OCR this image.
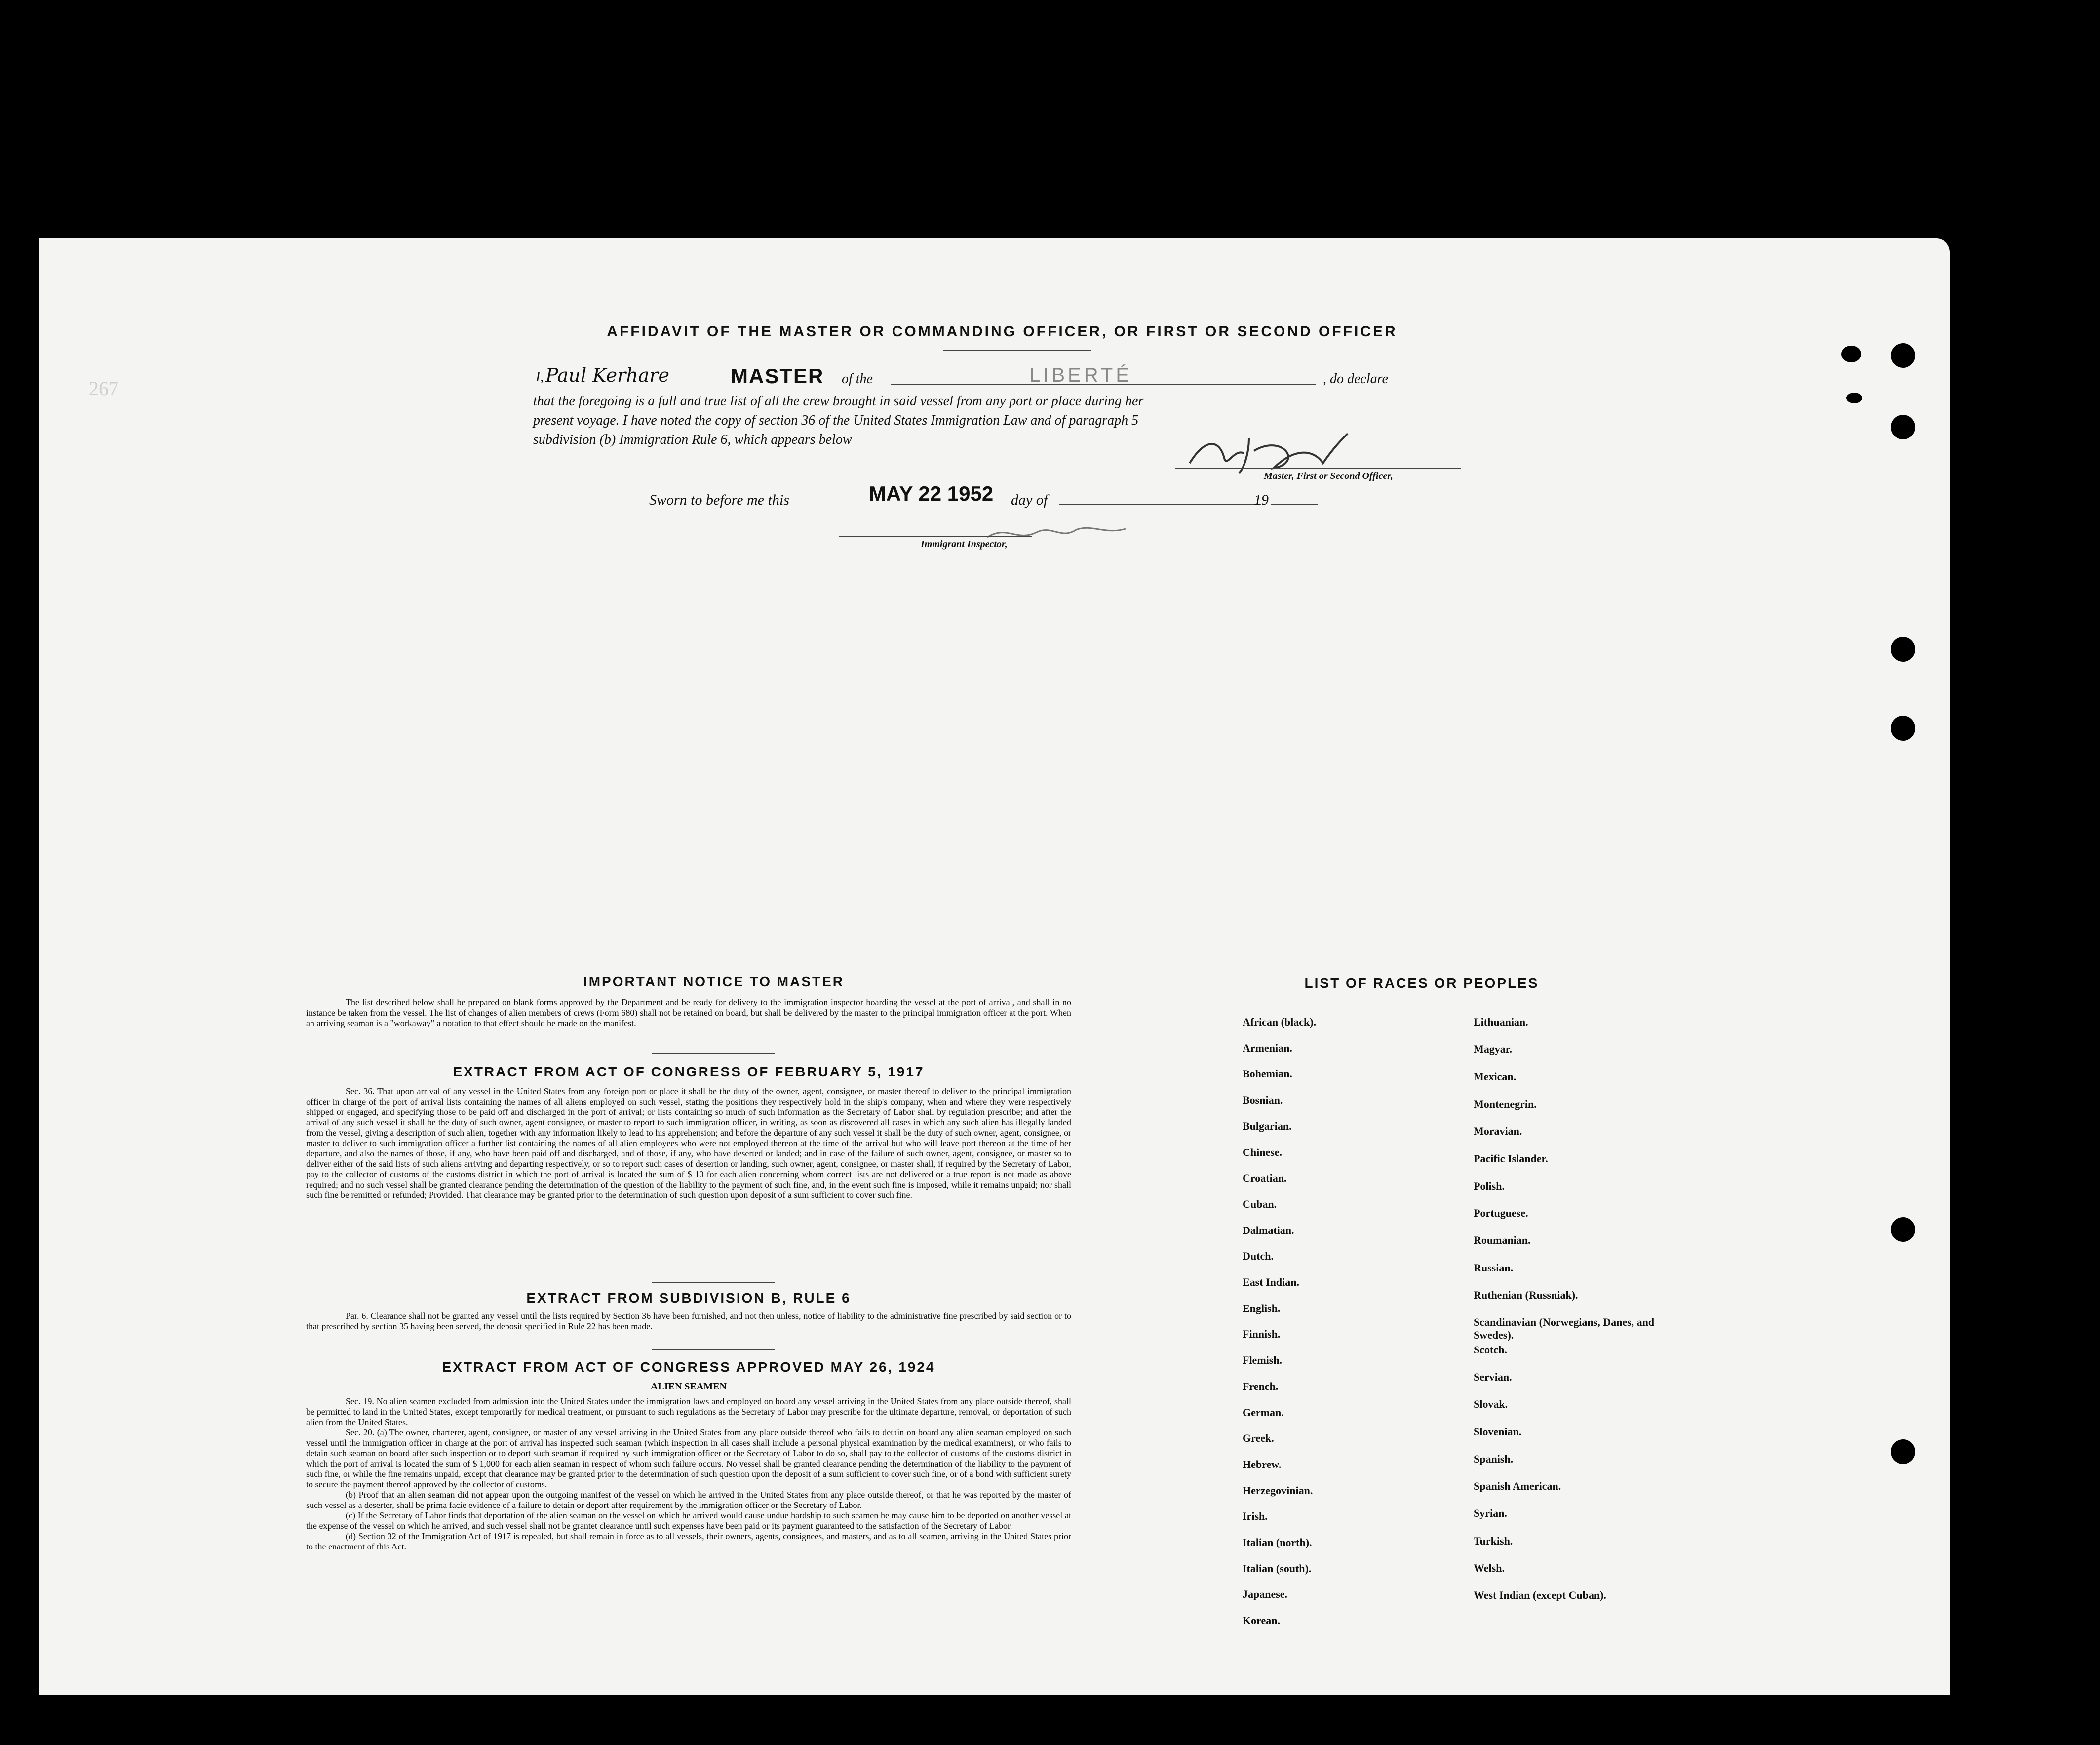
267
AFFIDAVIT OF THE MASTER OR COMMANDING OFFICER, OR FIRST OR SECOND OFFICER
I, Paul Kerhare	MASTER of the	LIBERTÉ	, do declare
that the foregoing is a full and true list of all the crew brought in said vessel from any port or place during her
present voyage. I have noted the copy of section 36 of the United States Immigration Law and of paragraph 5
subdivision (b) Immigration Rule 6, which appears below
Master, First or Second Officer,
Sworn to before me this	MAY 22 1952 day of	19
Immigrant Inspector,
IMPORTANT NOTICE TO MASTER
The list described below shall be prepared on blank forms approved by the Department and be ready for delivery to the immigration inspector boarding the vessel at the port of arrival, and shall in no instance be taken from the vessel. The list of changes of alien members of crews (Form 680) shall not be retained on board, but shall be delivered by the master to the principal immigration officer at the port. When an arriving seaman is a "workaway" a notation to that effect should be made on the manifest.
EXTRACT FROM ACT OF CONGRESS OF FEBRUARY 5, 1917
Sec. 36. That upon arrival of any vessel in the United States from any foreign port or place it shall be the duty of the owner, agent, consignee, or master thereof to deliver to the principal immigration officer in charge of the port of arrival lists containing the names of all aliens employed on such vessel, stating the positions they respectively hold in the ship's company, when and where they were respectively shipped or engaged, and specifying those to be paid off and discharged in the port of arrival; or lists containing so much of such information as the Secretary of Labor shall by regulation prescribe; and after the arrival of any such vessel it shall be the duty of such owner, agent consignee, or master to report to such immigration officer, in writing, as soon as discovered all cases in which any such alien has illegally landed from the vessel, giving a description of such alien, together with any information likely to lead to his apprehension; and before the departure of any such vessel it shall be the duty of such owner, agent, consignee, or master to deliver to such immigration officer a further list containing the names of all alien employees who were not employed thereon at the time of the arrival but who will leave port thereon at the time of her departure, and also the names of those, if any, who have been paid off and discharged, and of those, if any, who have deserted or landed; and in case of the failure of such owner, agent, consignee, or master so to deliver either of the said lists of such aliens arriving and departing respectively, or so to report such cases of desertion or landing, such owner, agent, consignee, or master shall, if required by the Secretary of Labor, pay to the collector of customs of the customs district in which the port of arrival is located the sum of $ 10 for each alien concerning whom correct lists are not delivered or a true report is not made as above required; and no such vessel shall be granted clearance pending the determination of the question of the liability to the payment of such fine, and, in the event such fine is imposed, while it remains unpaid; nor shall such fine be remitted or refunded; Provided. That clearance may be granted prior to the determination of such question upon deposit of a sum sufficient to cover such fine.
EXTRACT FROM SUBDIVISION B, RULE 6
Par. 6. Clearance shall not be granted any vessel until the lists required by Section 36 have been furnished, and not then unless, notice of liability to the administrative fine prescribed by said section or to that prescribed by section 35 having been served, the deposit specified in Rule 22 has been made.
EXTRACT FROM ACT OF CONGRESS APPROVED MAY 26, 1924
ALIEN SEAMEN
Sec. 19. No alien seamen excluded from admission into the United States under the immigration laws and employed on board any vessel arriving in the United States from any place outside thereof, shall be permitted to land in the United States, except temporarily for medical treatment, or pursuant to such regulations as the Secretary of Labor may prescribe for the ultimate departure, removal, or deportation of such alien from the United States.
Sec. 20. (a) The owner, charterer, agent, consignee, or master of any vessel arriving in the United States from any place outside thereof who fails to detain on board any alien seaman employed on such vessel until the immigration officer in charge at the port of arrival has inspected such seaman (which inspection in all cases shall include a personal physical examination by the medical examiners), or who fails to detain such seaman on board after such inspection or to deport such seaman if required by such immigration officer or the Secretary of Labor to do so, shall pay to the collector of customs of the customs district in which the port of arrival is located the sum of $ 1,000 for each alien seaman in respect of whom such failure occurs. No vessel shall be granted clearance pending the determination of the liability to the payment of such fine, or while the fine remains unpaid, except that clearance may be granted prior to the determination of such question upon the deposit of a sum sufficient to cover such fine, or of a bond with sufficient surety to secure the payment thereof approved by the collector of customs.
(b) Proof that an alien seaman did not appear upon the outgoing manifest of the vessel on which he arrived in the United States from any place outside thereof, or that he was reported by the master of such vessel as a deserter, shall be prima facie evidence of a failure to detain or deport after requirement by the immigration officer or the Secretary of Labor.
(c) If the Secretary of Labor finds that deportation of the alien seaman on the vessel on which he arrived would cause undue hardship to such seamen he may cause him to be deported on another vessel at the expense of the vessel on which he arrived, and such vessel shall not be grantet clearance until such expenses have been paid or its payment guaranteed to the satisfaction of the Secretary of Labor.
(d) Section 32 of the Immigration Act of 1917 is repealed, but shall remain in force as to all vessels, their owners, agents, consignees, and masters, and as to all seamen, arriving in the United States prior to the enactment of this Act.
LIST OF RACES OR PEOPLES
African (black).
Armenian.
Bohemian.
Bosnian.
Bulgarian.
Chinese.
Croatian.
Cuban.
Dalmatian.
Dutch.
East Indian.
English.
Finnish.
Flemish.
French.
German.
Greek.
Hebrew.
Herzegovinian.
Irish.
Italian (north).
Italian (south).
Japanese.
Korean.
Lithuanian.
Magyar.
Mexican.
Montenegrin.
Moravian.
Pacific Islander.
Polish.
Portuguese.
Roumanian.
Russian.
Ruthenian (Russniak).
Scandinavian (Norwegians, Danes, and Swedes).
Scotch.
Servian.
Slovak.
Slovenian.
Spanish.
Spanish American.
Syrian.
Turkish.
Welsh.
West Indian (except Cuban).
